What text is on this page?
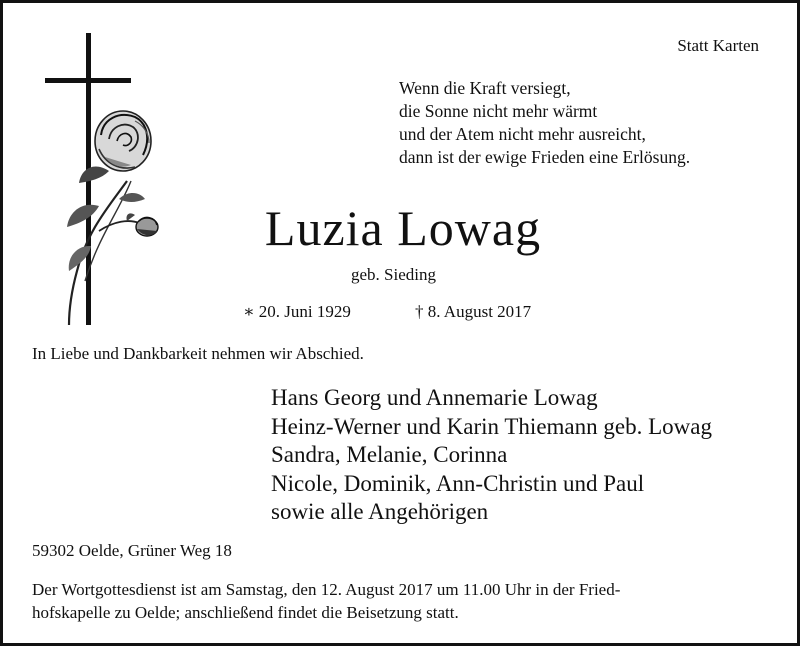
Statt Karten
Wenn die Kraft versiegt,
die Sonne nicht mehr wärmt
und der Atem nicht mehr ausreicht,
dann ist der ewige Frieden eine Erlösung.
Luzia Lowag
geb. Sieding
∗ 20. Juni 1929	† 8. August 2017
In Liebe und Dankbarkeit nehmen wir Abschied.
Hans Georg und Annemarie Lowag
Heinz-Werner und Karin Thiemann geb. Lowag
Sandra, Melanie, Corinna
Nicole, Dominik, Ann-Christin und Paul
sowie alle Angehörigen
59302 Oelde, Grüner Weg 18
Der Wortgottesdienst ist am Samstag, den 12. August 2017 um 11.00 Uhr in der Fried-
hofskapelle zu Oelde; anschließend findet die Beisetzung statt.
